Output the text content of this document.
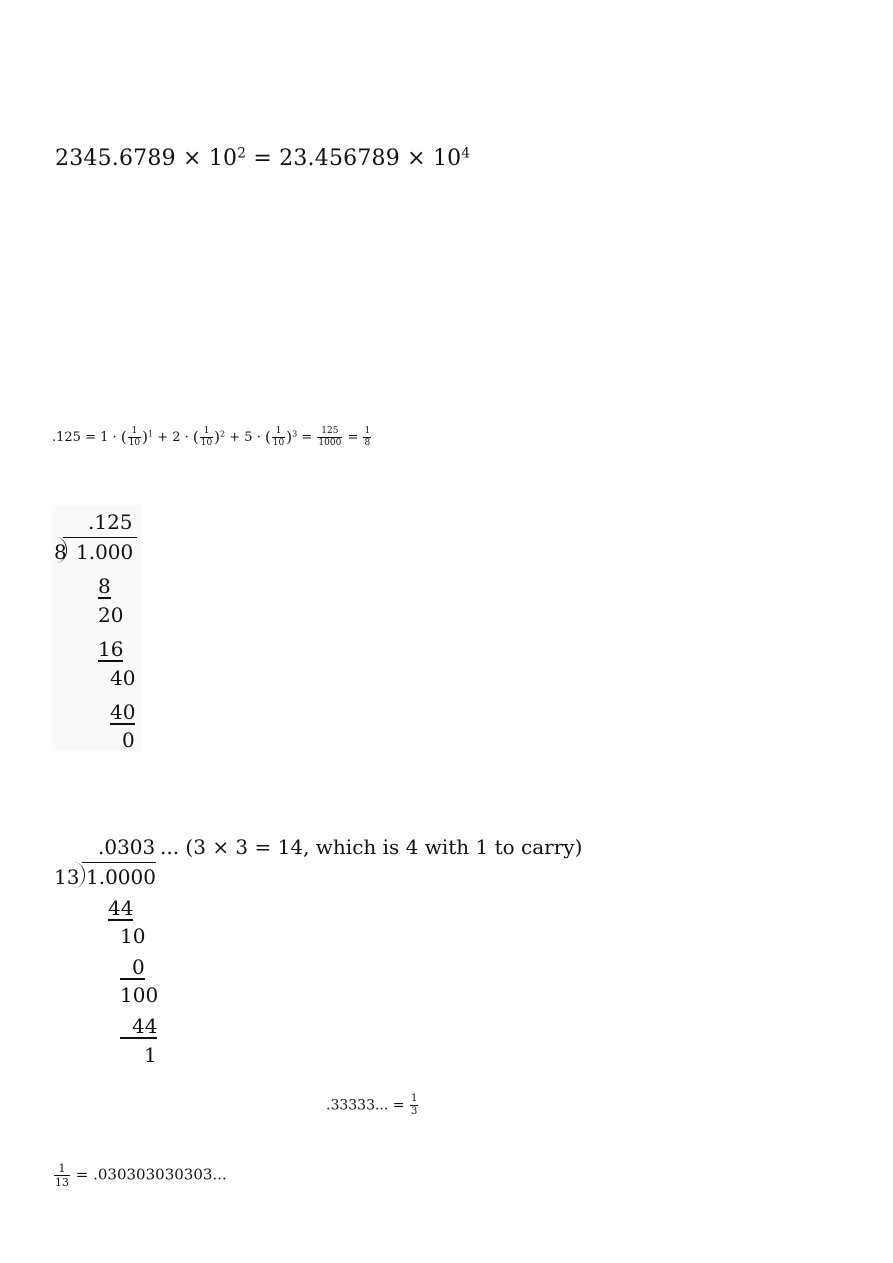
$2345.6789 \times 10^2 = 23.456789 \times 10^4$
.125 = 1 · ( $\frac{1}{10} )^1 + 2$ · ( $\frac{1}{10} )^2 + 5$ · ( $\frac{1}{10} )^3 = \frac{125}{1000} = \frac{1}{8}$
.125
8 1.000
8
20
16
40
40
0
.0303 ... (3 × 3 = 14, which is 4 with 1 to carry)
13 1.0000
44
10
0
100
44
1
.33333... = $\frac{1}{3}$
$\frac{1}{13} = .030303030303$...
